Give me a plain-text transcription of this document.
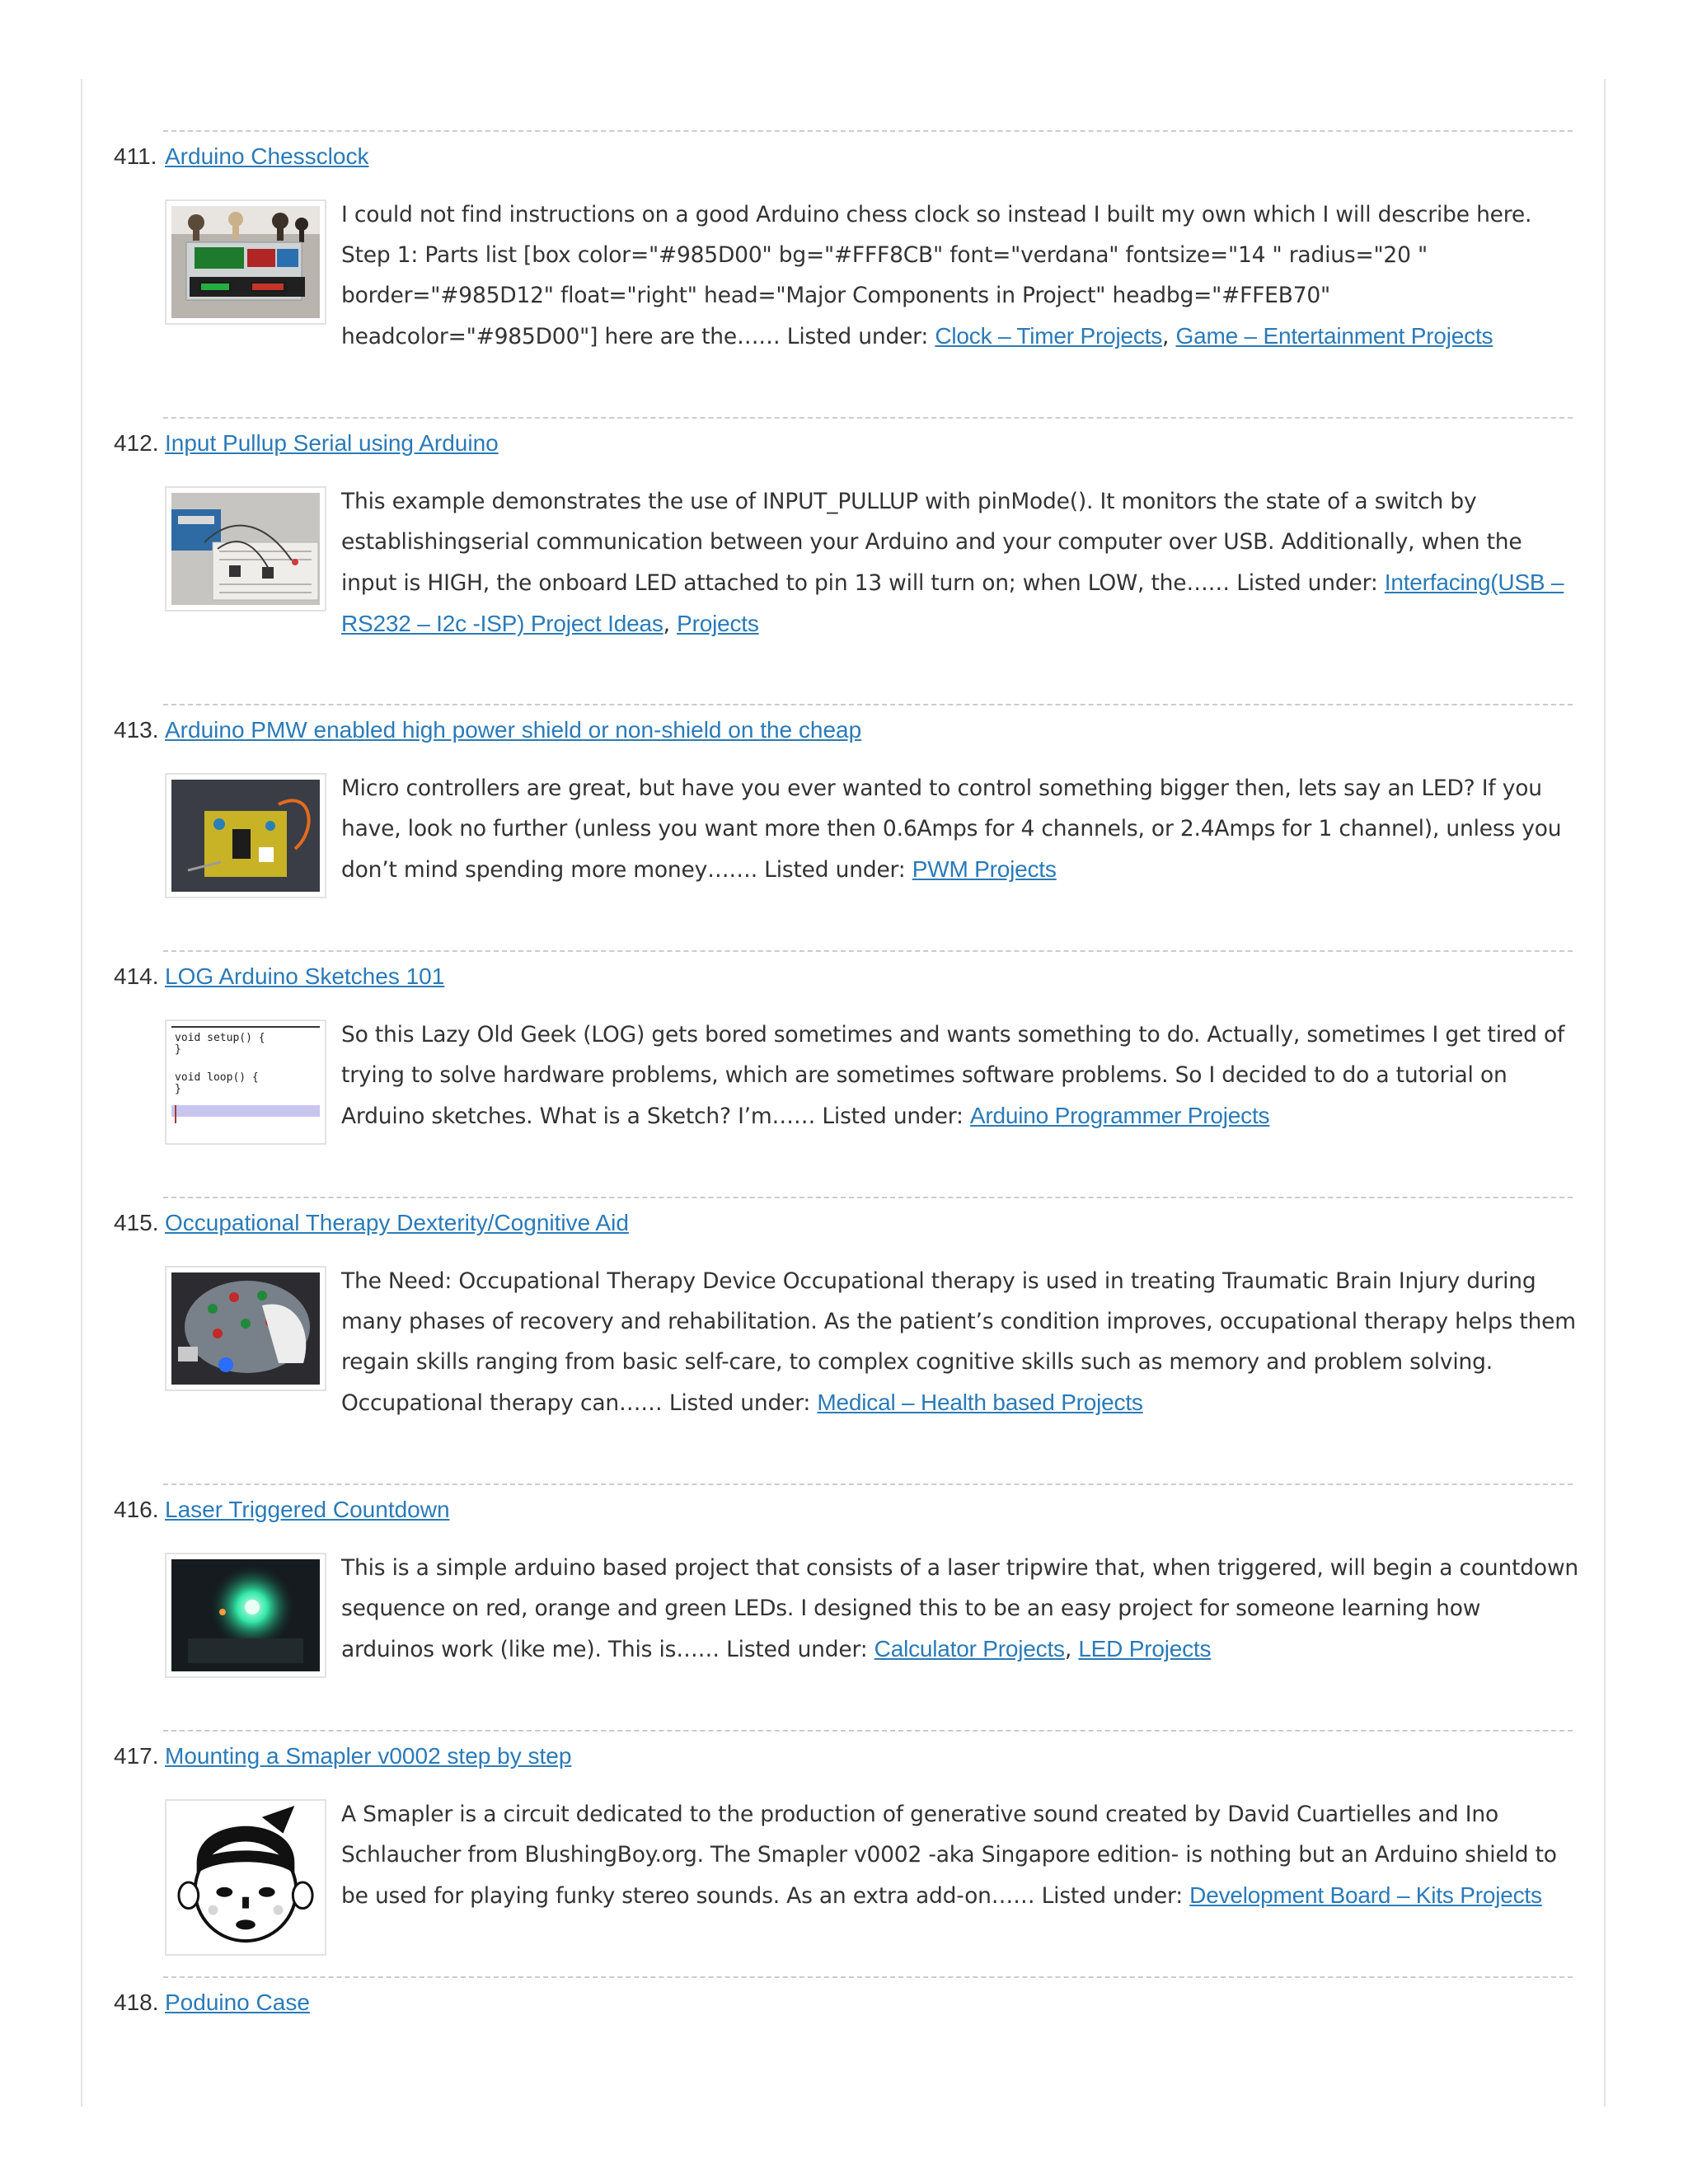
411. Arduino Chessclock

I could not find instructions on a good Arduino chess clock so instead I built my own which I will describe here. Step 1: Parts list [box color="#985D00" bg="#FFF8CB" font="verdana" fontsize="14 " radius="20 " border="#985D12" float="right" head="Major Components in Project" headbg="#FFEB70" headcolor="#985D00"] here are the…… Listed under: Clock – Timer Projects, Game – Entertainment Projects

412. Input Pullup Serial using Arduino

This example demonstrates the use of INPUT_PULLUP with pinMode(). It monitors the state of a switch by establishingserial communication between your Arduino and your computer over USB. Additionally, when the input is HIGH, the onboard LED attached to pin 13 will turn on; when LOW, the…… Listed under: Interfacing(USB – RS232 – I2c -ISP) Project Ideas, Projects

413. Arduino PMW enabled high power shield or non-shield on the cheap

Micro controllers are great, but have you ever wanted to control something bigger then, lets say an LED? If you have, look no further (unless you want more then 0.6Amps for 4 channels, or 2.4Amps for 1 channel), unless you don’t mind spending more money……. Listed under: PWM Projects

414. LOG Arduino Sketches 101
void setup() {
}
void loop() {
}

So this Lazy Old Geek (LOG) gets bored sometimes and wants something to do. Actually, sometimes I get tired of trying to solve hardware problems, which are sometimes software problems. So I decided to do a tutorial on Arduino sketches. What is a Sketch? I’m…… Listed under: Arduino Programmer Projects

415. Occupational Therapy Dexterity/Cognitive Aid

The Need: Occupational Therapy Device Occupational therapy is used in treating Traumatic Brain Injury during many phases of recovery and rehabilitation. As the patient’s condition improves, occupational therapy helps them regain skills ranging from basic self-care, to complex cognitive skills such as memory and problem solving. Occupational therapy can…… Listed under: Medical – Health based Projects

416. Laser Triggered Countdown

This is a simple arduino based project that consists of a laser tripwire that, when triggered, will begin a countdown sequence on red, orange and green LEDs. I designed this to be an easy project for someone learning how arduinos work (like me). This is…… Listed under: Calculator Projects, LED Projects

417. Mounting a Smapler v0002 step by step

A Smapler is a circuit dedicated to the production of generative sound created by David Cuartielles and Ino Schlaucher from BlushingBoy.org. The Smapler v0002 -aka Singapore edition- is nothing but an Arduino shield to be used for playing funky stereo sounds. As an extra add-on…… Listed under: Development Board – Kits Projects

418. Poduino Case
